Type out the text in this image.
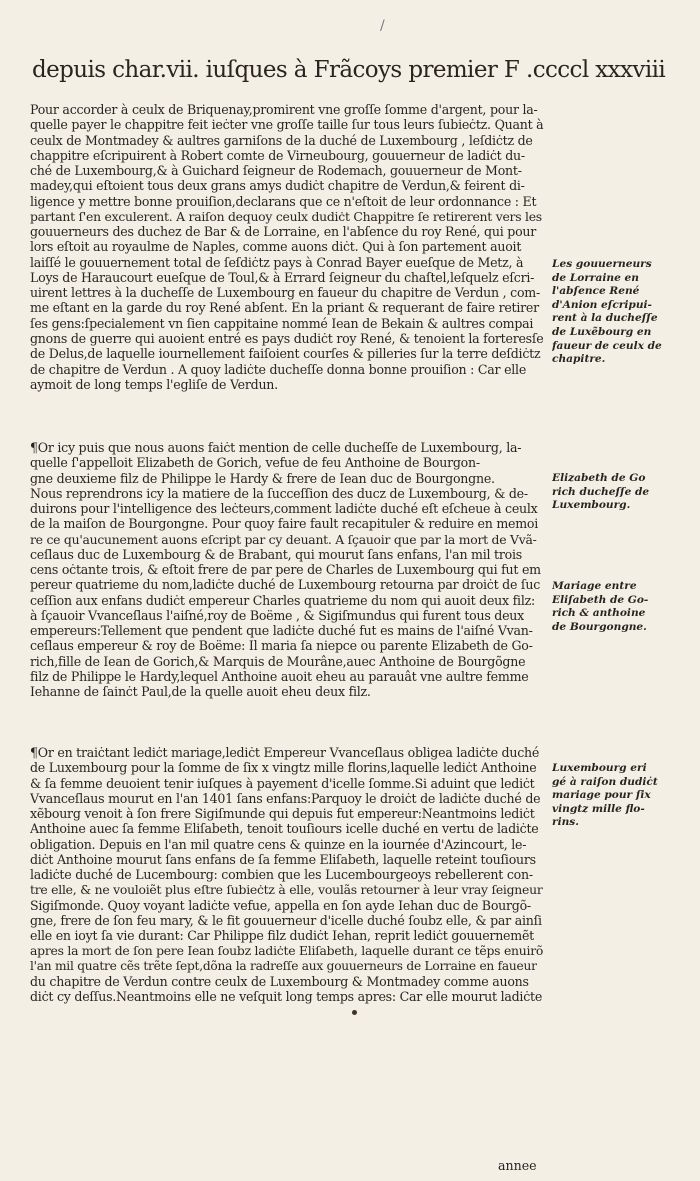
/
depuis char.vii. iuſques à Frãcoys premier F .ccccl xxxviii
Pour accorder à ceulx de Briquenay,promirent vne groſſe ſomme d'argent, pour la-
quelle payer le chappitre feit ieċter vne groſſe taille ſur tous leurs ſubieċtz. Quant à
ceulx de Montmadey & aultres garniſons de la duché de Luxembourg , leſdiċtz de
chappitre eſcripuirent à Robert comte de Virneubourg, gouuerneur de ladiċt du-
ché de Luxembourg,& à Guichard ſeigneur de Rodemach, gouuerneur de Mont-
madey,qui eſtoient tous deux grans amys dudiċt chapitre de Verdun,& feirent di-
ligence y mettre bonne prouiſion,declarans que ce n'eſtoit de leur ordonnance : Et
partant ſ'en exculerent. A raiſon dequoy ceulx dudiċt Chappitre ſe retirerent vers les
gouuerneurs des duchez de Bar & de Lorraine, en l'abſence du roy René, qui pour
lors eſtoit au royaulme de Naples, comme auons diċt. Qui à ſon partement auoit
laiſſé le gouuernement total de ſeſdiċtz pays à Conrad Bayer eueſque de Metz, à
Loys de Haraucourt eueſque de Toul,& à Errard ſeigneur du chaſtel,leſquelz eſcri-
uirent lettres à la ducheſſe de Luxembourg en faueur du chapitre de Verdun , com-
me eſtant en la garde du roy René abſent. En la priant & requerant de faire retirer
ſes gens:ſpecialement vn ſien cappitaine nommé Iean de Bekain & aultres compai
gnons de guerre qui auoient entré es pays dudiċt roy René, & tenoient la forteresſe
de Delus,de laquelle iournellement faiſoient courſes & pilleries ſur la terre deſdiċtz
de chapitre de Verdun . A quoy ladiċte ducheſſe donna bonne prouiſion : Car elle
aymoit de long temps l'egliſe de Verdun.
¶Or icy puis que nous auons faiċt mention de celle ducheſſe de Luxembourg, la-
quelle ſ'appelloit Elizabeth de Gorich, vefue de feu Anthoine de Bourgon-
gne deuxieme filz de Philippe le Hardy & frere de Iean duc de Bourgongne.
Nous reprendrons icy la matiere de la ſucceſſion des ducz de Luxembourg, & de-
duirons pour l'intelligence des leċteurs,comment ladiċte duché eſt eſcheue à ceulx
de la maiſon de Bourgongne. Pour quoy faire fault recapituler & reduire en memoi
re ce qu'aucunement auons eſcript par cy deuant. A ſçauoir que par la mort de Vvã-
ceſlaus duc de Luxembourg & de Brabant, qui mourut ſans enfans, l'an mil trois
cens oċtante trois, & eſtoit frere de par pere de Charles de Luxembourg qui fut em
pereur quatrieme du nom,ladiċte duché de Luxembourg retourna par droiċt de ſuc
ceſſion aux enfans dudiċt empereur Charles quatrieme du nom qui auoit deux filz:
à ſçauoir Vvanceſlaus l'aiſné,roy de Boëme , & Sigiſmundus qui furent tous deux
empereurs:Tellement que pendent que ladiċte duché fut es mains de l'aiſné Vvan-
ceſlaus empereur & roy de Boëme: Il maria ſa niepce ou parente Elizabeth de Go-
rich,fille de Iean de Gorich,& Marquis de Mourâne,auec Anthoine de Bourgõgne
filz de Philippe le Hardy,lequel Anthoine auoit eheu au parauât vne aultre femme
Iehanne de ſainċt Paul,de la quelle auoit eheu deux filz.
¶Or en traiċtant lediċt mariage,lediċt Empereur Vvanceſlaus obligea ladiċte duché
de Luxembourg pour la ſomme de ſix x vingtz mille florins,laquelle lediċt Anthoine
& ſa femme deuoient tenir iuſques à payement d'icelle ſomme.Si aduint que lediċt
Vvanceſlaus mourut en l'an 1401 ſans enfans:Parquoy le droiċt de ladiċte duché de
xẽbourg venoit à ſon frere Sigiſmunde qui depuis fut empereur:Neantmoins lediċt
Anthoine auec ſa femme Eliſabeth, tenoit touſiours icelle duché en vertu de ladiċte
obligation. Depuis en l'an mil quatre cens & quinze en la iournée d'Azincourt, le-
diċt Anthoine mourut ſans enfans de ſa femme Eliſabeth, laquelle reteint touſiours
ladiċte duché de Lucembourg: combien que les Lucembourgeoys rebellerent con-
tre elle, & ne vouloiẽt plus eſtre ſubieċtz à elle, voulãs retourner à leur vray ſeigneur
Sigiſmonde. Quoy voyant ladiċte vefue, appella en ſon ayde Iehan duc de Bourgõ-
gne, frere de ſon feu mary, & le fit gouuerneur d'icelle duché ſoubz elle, & par ainſi
elle en ioyt ſa vie durant: Car Philippe filz dudiċt Iehan, reprit lediċt gouuernemẽt
apres la mort de ſon pere Iean ſoubz ladiċte Eliſabeth, laquelle durant ce tẽps enuirõ
l'an mil quatre cẽs trẽte ſept,dõna la radreſſe aux gouuerneurs de Lorraine en faueur
du chapitre de Verdun contre ceulx de Luxembourg & Montmadey comme auons
diċt cy deſſus.Neantmoins elle ne veſquit long temps apres: Car elle mourut ladiċte
Les gouuerneurs
de Lorraine en
l'abſence René
d'Anion eſcripui-
rent à la ducheſſe
de Luxẽbourg en
faueur de ceulx de
chapitre.
Elizabeth de Go
rich ducheſſe de
Luxembourg.
Mariage entre
Eliſabeth de Go-
rich & anthoine
de Bourgongne.
Luxembourg eri
gé à raiſon dudiċt
mariage pour ſix
vingtz mille flo-
rins.
annee
